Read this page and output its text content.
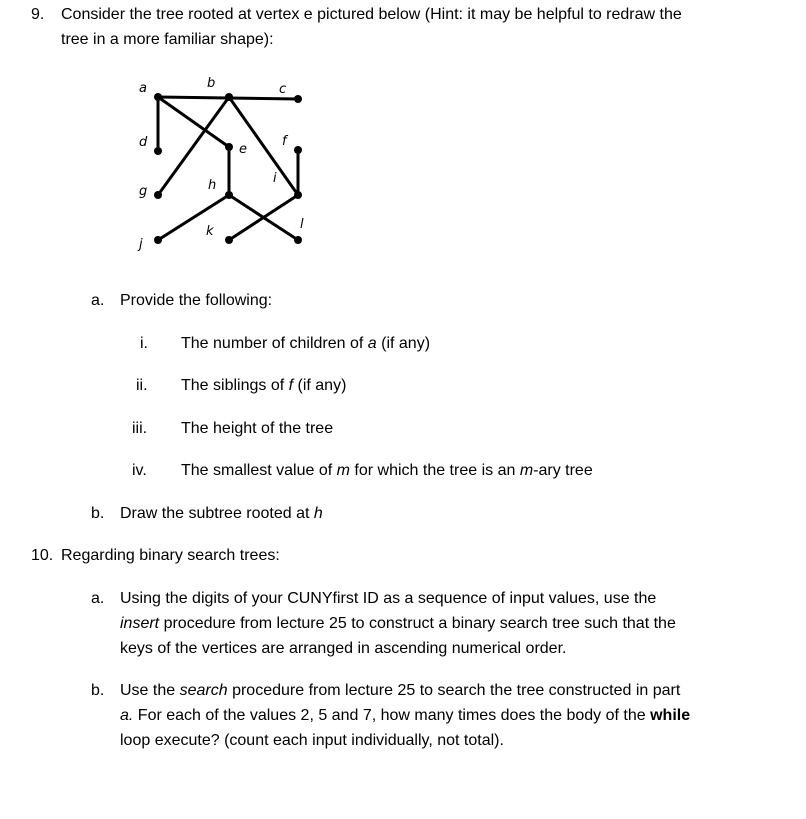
9. Consider the tree rooted at vertex e pictured below (Hint: it may be helpful to redraw the
tree in a more familiar shape):
a	b	c
d	e
f
g	h	i
j
k	l
a. Provide the following:
i. The number of children of a (if any)
ii. The siblings of f (if any)
iii. The height of the tree
iv. The smallest value of m for which the tree is an m-ary tree
b. Draw the subtree rooted at h
10. Regarding binary search trees:
a. Using the digits of your CUNYfirst ID as a sequence of input values, use the
insert procedure from lecture 25 to construct a binary search tree such that the
keys of the vertices are arranged in ascending numerical order.
b. Use the search procedure from lecture 25 to search the tree constructed in part
a. For each of the values 2, 5 and 7, how many times does the body of the while
loop execute? (count each input individually, not total).
